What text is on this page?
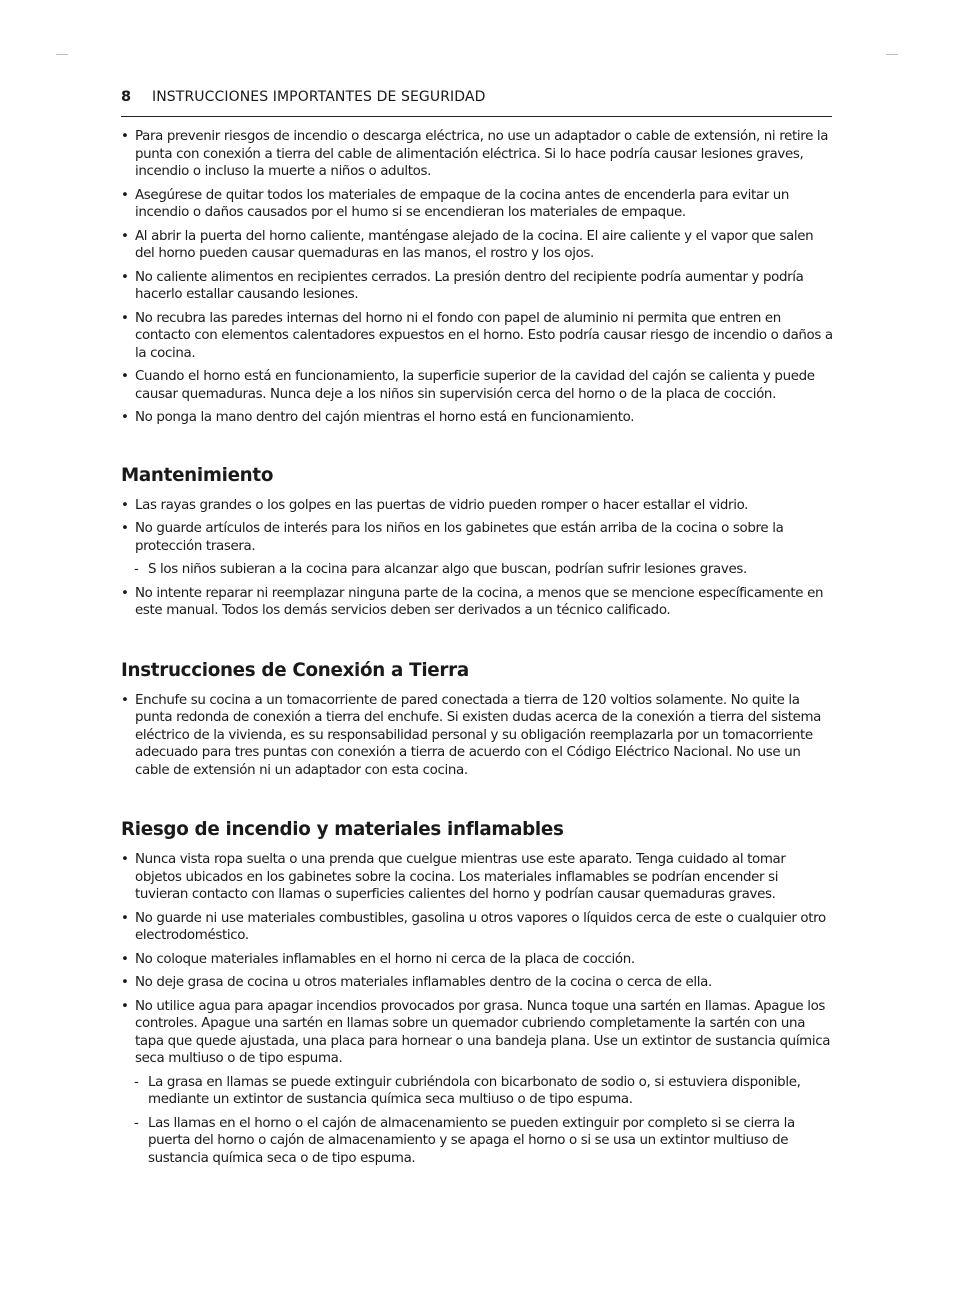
8	INSTRUCCIONES IMPORTANTES DE SEGURIDAD
• Para prevenir riesgos de incendio o descarga eléctrica, no use un adaptador o cable de extensión, ni retire la punta con conexión a tierra del cable de alimentación eléctrica. Si lo hace podría causar lesiones graves, incendio o incluso la muerte a niños o adultos.
• Asegúrese de quitar todos los materiales de empaque de la cocina antes de encenderla para evitar un incendio o daños causados por el humo si se encendieran los materiales de empaque.
• Al abrir la puerta del horno caliente, manténgase alejado de la cocina. El aire caliente y el vapor que salen del horno pueden causar quemaduras en las manos, el rostro y los ojos.
• No caliente alimentos en recipientes cerrados. La presión dentro del recipiente podría aumentar y podría hacerlo estallar causando lesiones.
• No recubra las paredes internas del horno ni el fondo con papel de aluminio ni permita que entren en contacto con elementos calentadores expuestos en el horno. Esto podría causar riesgo de incendio o daños a la cocina.
• Cuando el horno está en funcionamiento, la superficie superior de la cavidad del cajón se calienta y puede causar quemaduras. Nunca deje a los niños sin supervisión cerca del horno o de la placa de cocción.
• No ponga la mano dentro del cajón mientras el horno está en funcionamiento.
Mantenimiento
• Las rayas grandes o los golpes en las puertas de vidrio pueden romper o hacer estallar el vidrio.
• No guarde artículos de interés para los niños en los gabinetes que están arriba de la cocina o sobre la protección trasera.
- S los niños subieran a la cocina para alcanzar algo que buscan, podrían sufrir lesiones graves.
• No intente reparar ni reemplazar ninguna parte de la cocina, a menos que se mencione específicamente en este manual. Todos los demás servicios deben ser derivados a un técnico calificado.
Instrucciones de Conexión a Tierra
• Enchufe su cocina a un tomacorriente de pared conectada a tierra de 120 voltios solamente. No quite la punta redonda de conexión a tierra del enchufe. Si existen dudas acerca de la conexión a tierra del sistema eléctrico de la vivienda, es su responsabilidad personal y su obligación reemplazarla por un tomacorriente adecuado para tres puntas con conexión a tierra de acuerdo con el Código Eléctrico Nacional. No use un cable de extensión ni un adaptador con esta cocina.
Riesgo de incendio y materiales inflamables
• Nunca vista ropa suelta o una prenda que cuelgue mientras use este aparato. Tenga cuidado al tomar objetos ubicados en los gabinetes sobre la cocina. Los materiales inflamables se podrían encender si tuvieran contacto con llamas o superficies calientes del horno y podrían causar quemaduras graves.
• No guarde ni use materiales combustibles, gasolina u otros vapores o líquidos cerca de este o cualquier otro electrodoméstico.
• No coloque materiales inflamables en el horno ni cerca de la placa de cocción.
• No deje grasa de cocina u otros materiales inflamables dentro de la cocina o cerca de ella.
• No utilice agua para apagar incendios provocados por grasa. Nunca toque una sartén en llamas. Apague los controles. Apague una sartén en llamas sobre un quemador cubriendo completamente la sartén con una tapa que quede ajustada, una placa para hornear o una bandeja plana. Use un extintor de sustancia química seca multiuso o de tipo espuma.
- La grasa en llamas se puede extinguir cubriéndola con bicarbonato de sodio o, si estuviera disponible, mediante un extintor de sustancia química seca multiuso o de tipo espuma.
- Las llamas en el horno o el cajón de almacenamiento se pueden extinguir por completo si se cierra la puerta del horno o cajón de almacenamiento y se apaga el horno o si se usa un extintor multiuso de sustancia química seca o de tipo espuma.
